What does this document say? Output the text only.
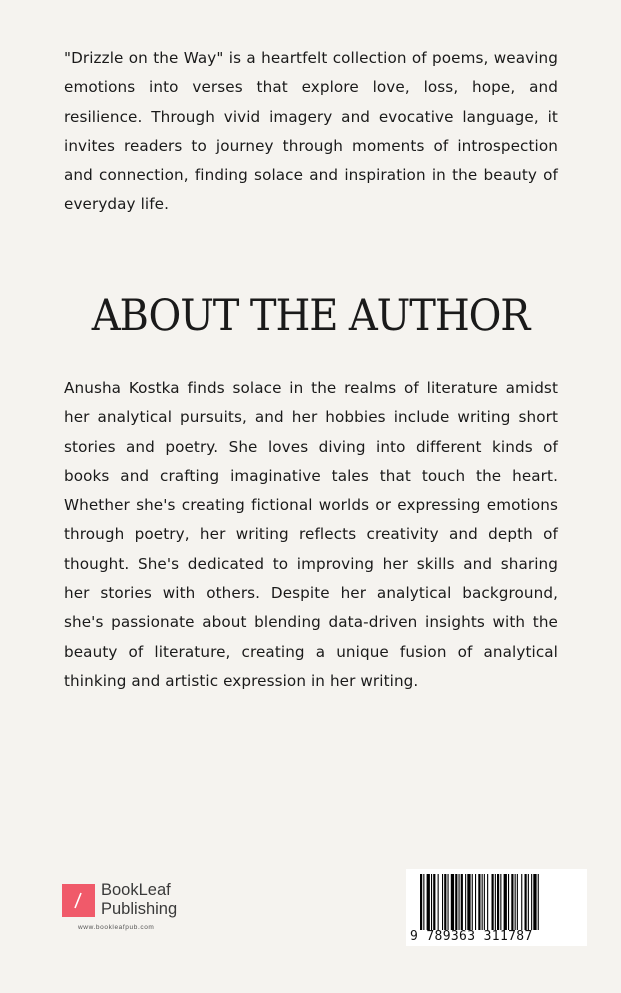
"Drizzle on the Way" is a heartfelt collection of poems, weaving emotions into verses that explore love, loss, hope, and resilience. Through vivid imagery and evocative language, it invites readers to journey through moments of introspection and connection, finding solace and inspiration in the beauty of everyday life.

ABOUT THE AUTHOR

Anusha Kostka finds solace in the realms of literature amidst her analytical pursuits, and her hobbies include writing short stories and poetry. She loves diving into different kinds of books and crafting imaginative tales that touch the heart. Whether she's creating fictional worlds or expressing emotions through poetry, her writing reflects creativity and depth of thought. She's dedicated to improving her skills and sharing her stories with others. Despite her analytical background, she's passionate about blending data-driven insights with the beauty of literature, creating a unique fusion of analytical thinking and artistic expression in her writing.

BookLeaf
Publishing
www.bookleafpub.com
9 789363 311787
